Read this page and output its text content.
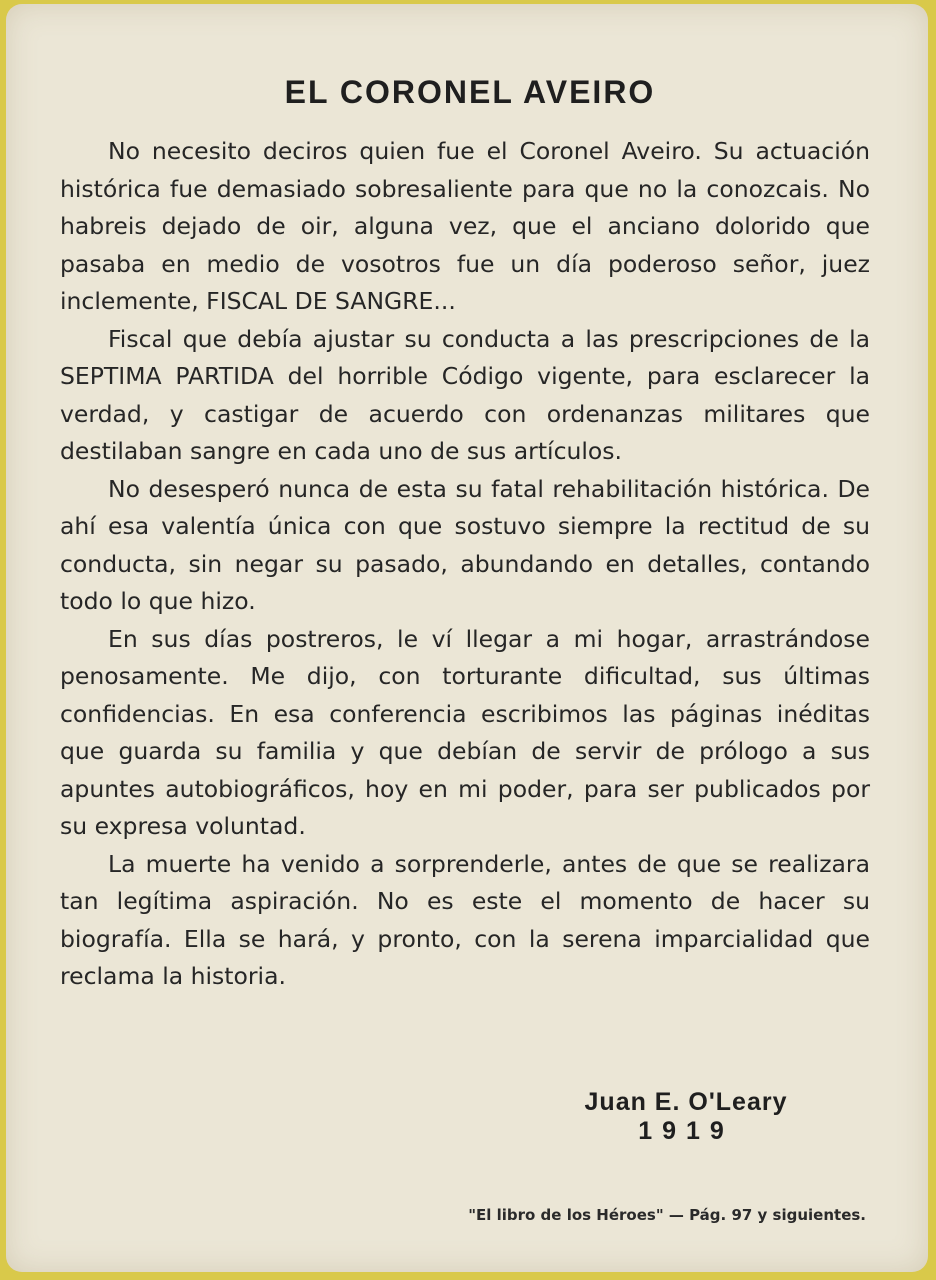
EL CORONEL AVEIRO

No necesito deciros quien fue el Coronel Aveiro. Su actuación histórica fue demasiado sobresaliente para que no la conozcais. No habreis dejado de oir, alguna vez, que el anciano dolorido que pasaba en medio de vosotros fue un día poderoso señor, juez inclemente, FISCAL DE SANGRE...

Fiscal que debía ajustar su conducta a las prescripciones de la SEPTIMA PARTIDA del horrible Código vigente, para esclarecer la verdad, y castigar de acuerdo con ordenanzas militares que destilaban sangre en cada uno de sus artículos.

No desesperó nunca de esta su fatal rehabilitación histórica. De ahí esa valentía única con que sostuvo siempre la rectitud de su conducta, sin negar su pasado, abundando en detalles, contando todo lo que hizo.

En sus días postreros, le ví llegar a mi hogar, arrastrándose penosamente. Me dijo, con torturante dificultad, sus últimas confidencias. En esa conferencia escribimos las páginas inéditas que guarda su familia y que debían de servir de prólogo a sus apuntes autobiográficos, hoy en mi poder, para ser publicados por su expresa voluntad.

La muerte ha venido a sorprenderle, antes de que se realizara tan legítima aspiración. No es este el momento de hacer su biografía. Ella se hará, y pronto, con la serena imparcialidad que reclama la historia.

Juan E. O'Leary

1919

"El libro de los Héroes" — Pág. 97 y siguientes.
